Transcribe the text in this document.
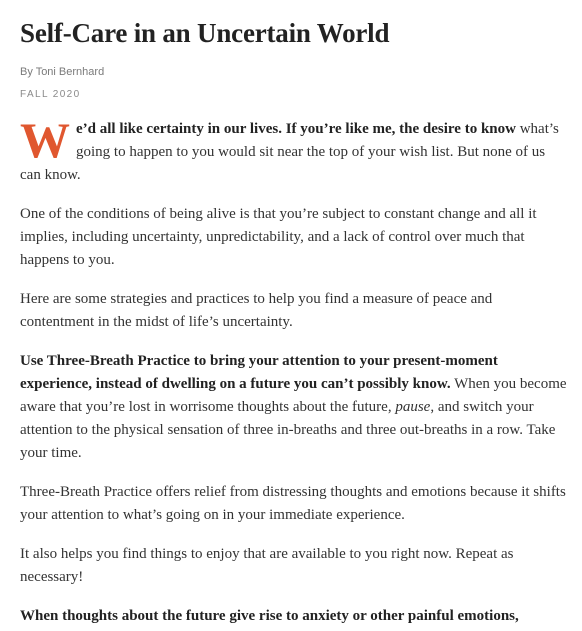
Self-Care in an Uncertain World
By Toni Bernhard
FALL 2020

We’d all like certainty in our lives. If you’re like me, the desire to know what’s going to happen to you would sit near the top of your wish list. But none of us can know.

One of the conditions of being alive is that you’re subject to constant change and all it implies, including uncertainty, unpredictability, and a lack of control over much that happens to you.

Here are some strategies and practices to help you find a measure of peace and contentment in the midst of life’s uncertainty.

Use Three-Breath Practice to bring your attention to your present-moment experience, instead of dwelling on a future you can’t possibly know. When you become aware that you’re lost in worrisome thoughts about the future, pause, and switch your attention to the physical sensation of three in-breaths and three out-breaths in a row. Take your time.

Three-Breath Practice offers relief from distressing thoughts and emotions because it shifts your attention to what’s going on in your immediate experience.

It also helps you find things to enjoy that are available to you right now. Repeat as necessary!

When thoughts about the future give rise to anxiety or other painful emotions,
